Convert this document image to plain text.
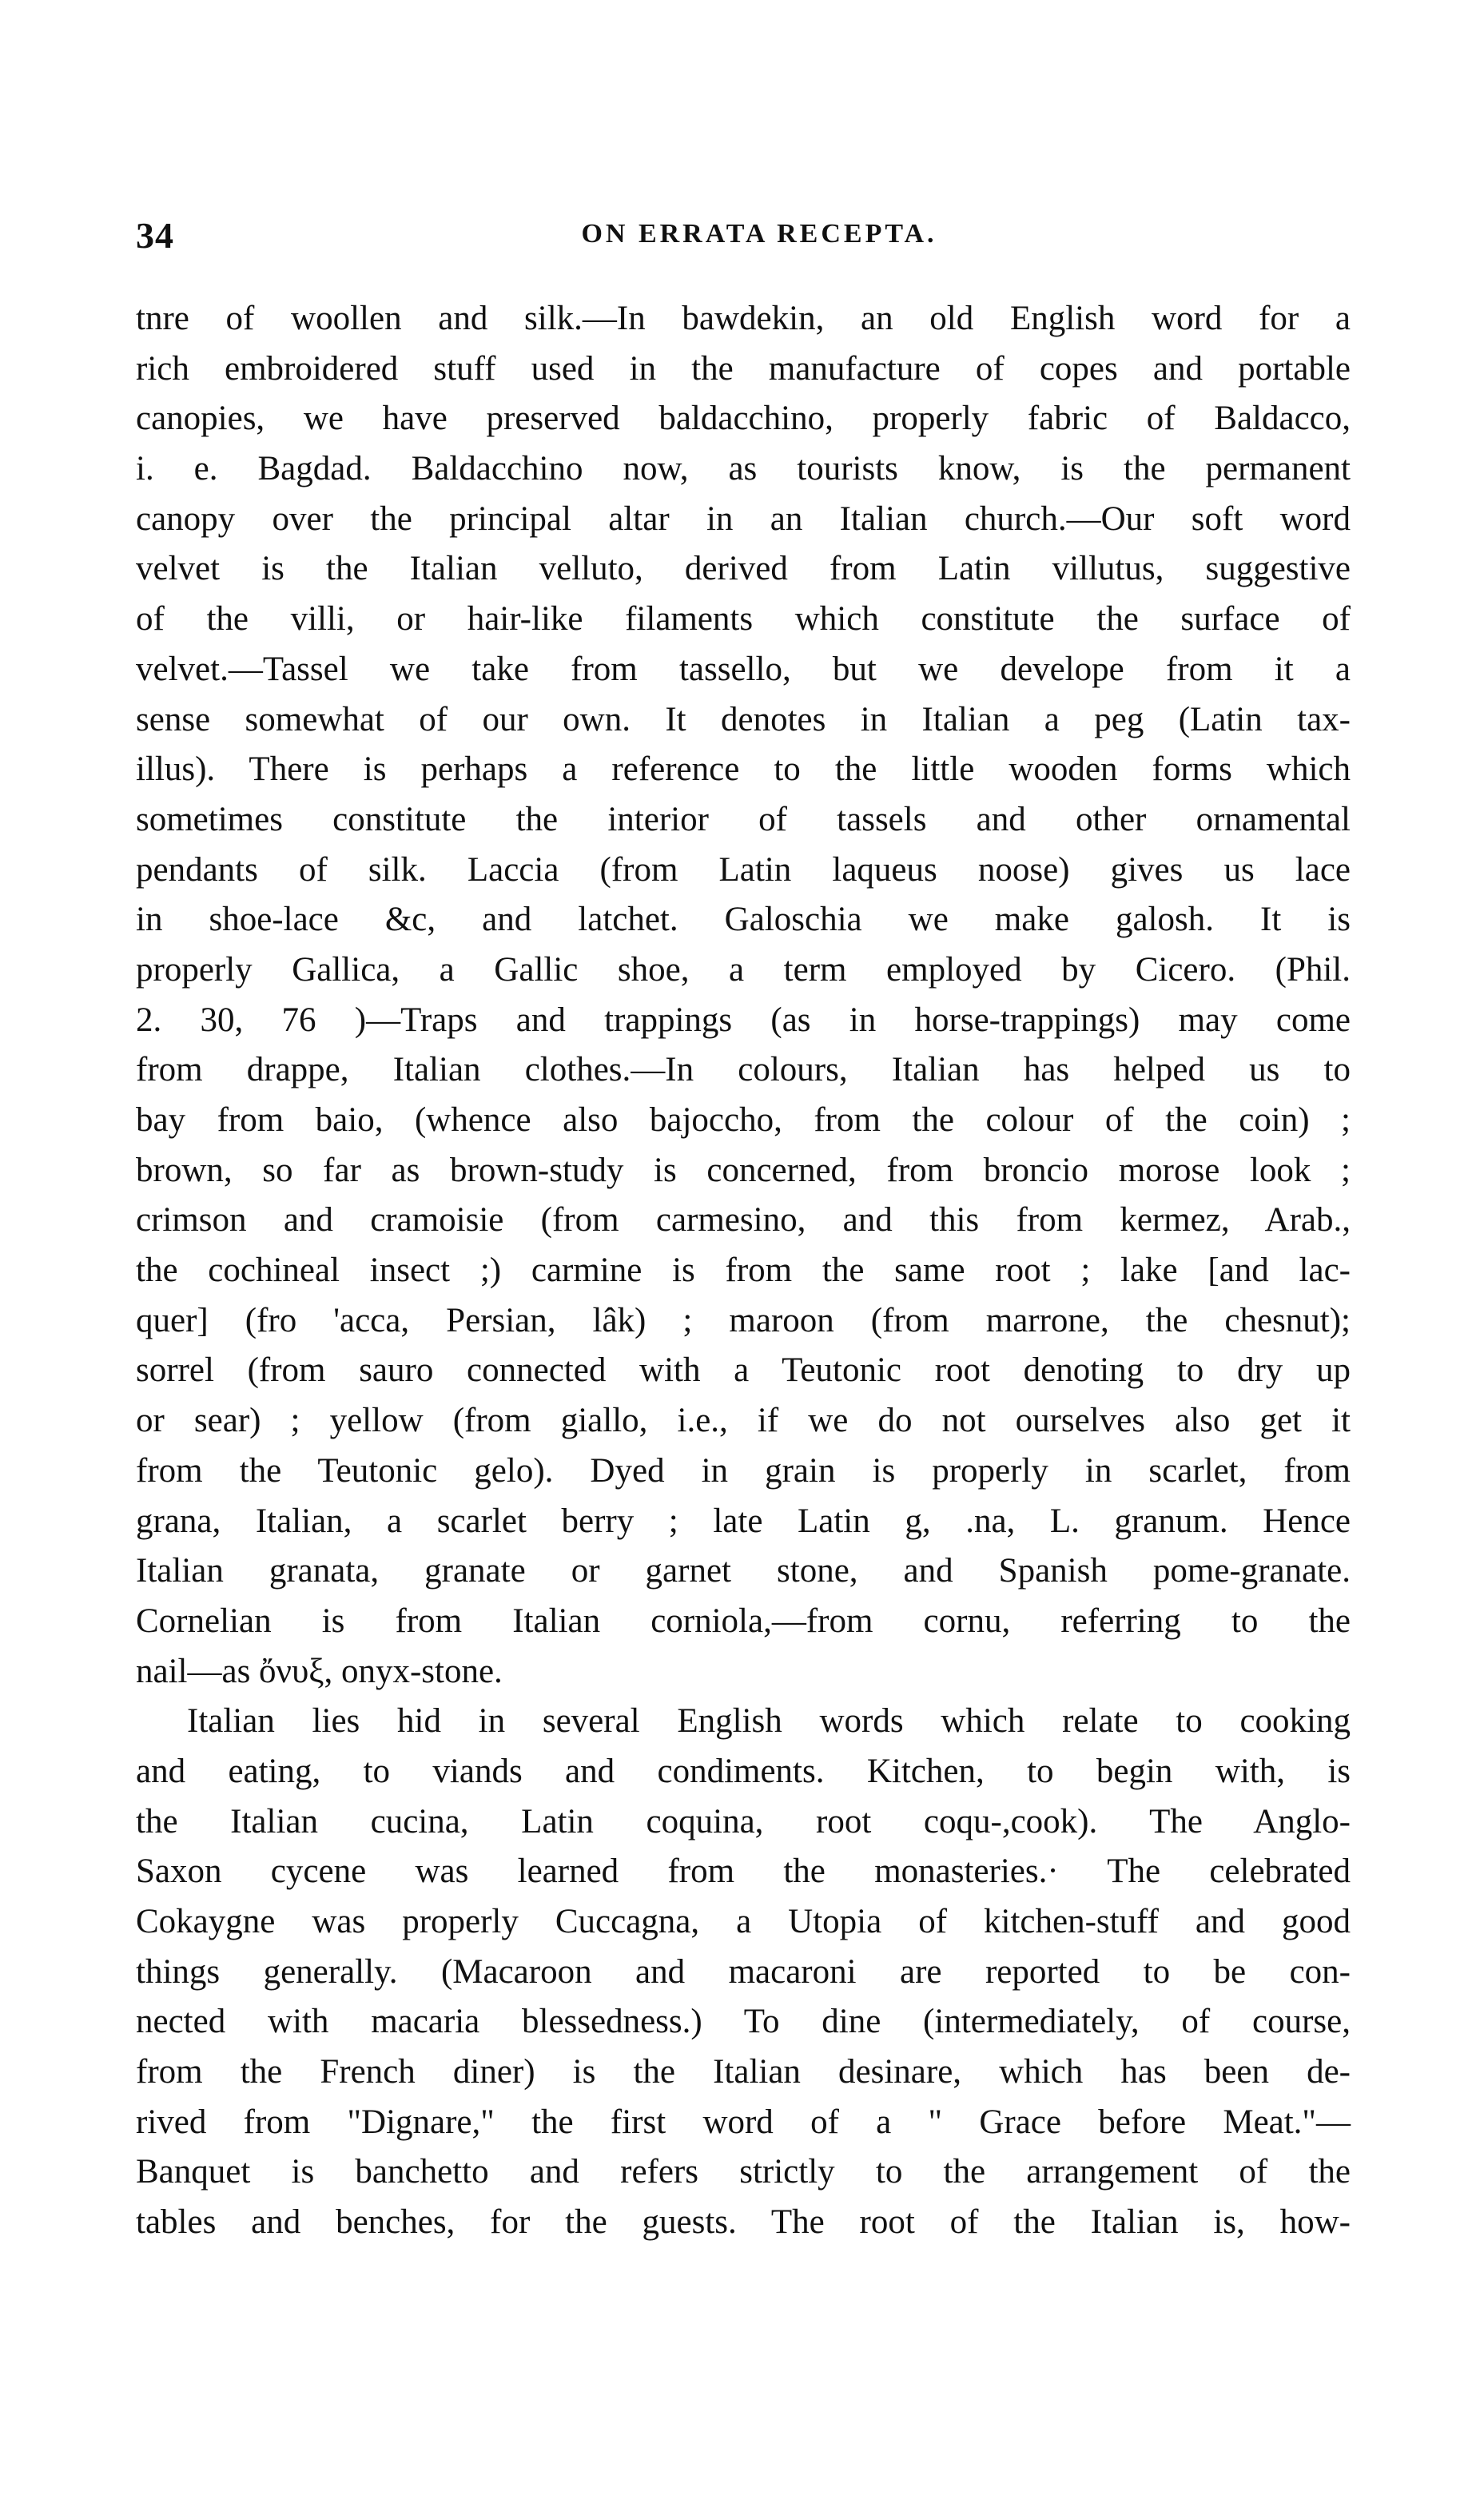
34	ON ERRATA RECEPTA.
tnre of woollen and silk.—In bawdekin, an old English word for a
rich embroidered stuff used in the manufacture of copes and portable
canopies, we have preserved baldacchino, properly fabric of Baldacco,
i. e. Bagdad. Baldacchino now, as tourists know, is the permanent
canopy over the principal altar in an Italian church.—Our soft word
velvet is the Italian velluto, derived from Latin villutus, suggestive
of the villi, or hair-like filaments which constitute the surface of
velvet.—Tassel we take from tassello, but we develope from it a
sense somewhat of our own. It denotes in Italian a peg (Latin tax-
illus). There is perhaps a reference to the little wooden forms which
sometimes constitute the interior of tassels and other ornamental
pendants of silk. Laccia (from Latin laqueus noose) gives us lace
in shoe-lace &c, and latchet. Galoschia we make galosh. It is
properly Gallica, a Gallic shoe, a term employed by Cicero. (Phil.
2. 30, 76 )—Traps and trappings (as in horse-trappings) may come
from drappe, Italian clothes.—In colours, Italian has helped us to
bay from baio, (whence also bajoccho, from the colour of the coin) ;
brown, so far as brown-study is concerned, from broncio morose look ;
crimson and cramoisie (from carmesino, and this from kermez, Arab.,
the cochineal insect ;) carmine is from the same root ; lake [and lac-
quer] (fro 'acca, Persian, lâk) ; maroon (from marrone, the chesnut);
sorrel (from sauro connected with a Teutonic root denoting to dry up
or sear) ; yellow (from giallo, i.e., if we do not ourselves also get it
from the Teutonic gelo). Dyed in grain is properly in scarlet, from
grana, Italian, a scarlet berry ; late Latin g, .na, L. granum. Hence
Italian granata, granate or garnet stone, and Spanish pome-granate.
Cornelian is from Italian corniola,—from cornu, referring to the
nail—as ὄνυξ, onyx-stone.
Italian lies hid in several English words which relate to cooking
and eating, to viands and condiments. Kitchen, to begin with, is
the Italian cucina, Latin coquina, root coqu-,cook). The Anglo-
Saxon cycene was learned from the monasteries.· The celebrated
Cokaygne was properly Cuccagna, a Utopia of kitchen-stuff and good
things generally. (Macaroon and macaroni are reported to be con-
nected with macaria blessedness.) To dine (intermediately, of course,
from the French diner) is the Italian desinare, which has been de-
rived from "Dignare," the first word of a " Grace before Meat."—
Banquet is banchetto and refers strictly to the arrangement of the
tables and benches, for the guests. The root of the Italian is, how-
